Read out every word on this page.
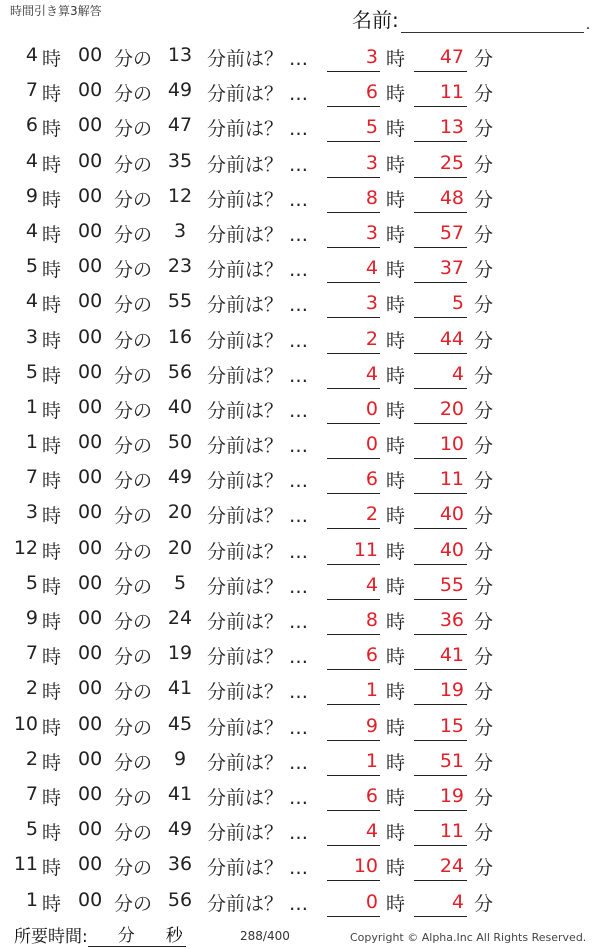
時間引き算3解答	名前:	.
4 時 00 分の 13 分前は？ …	3 時	47 分
7 時 00 分の 49 分前は？ …	6 時	11 分
6 時 00 分の 47 分前は？ …	5 時	13 分
4 時 00 分の 35 分前は？ …	3 時	25 分
9 時 00 分の 12 分前は？ …	8 時	48 分
4 時 00 分の	3	分前は？ …	3 時	57 分
5 時 00 分の 23 分前は？ …	4 時	37 分
4 時 00 分の 55 分前は？ …	3 時	5 分
3 時 00 分の 16 分前は？ …	2 時	44 分
5 時 00 分の 56 分前は？ …	4 時	4 分
1 時 00 分の 40 分前は？ …	0 時	20 分
1 時 00 分の 50 分前は？ …	0 時	10 分
7 時 00 分の 49 分前は？ …	6 時	11 分
3 時 00 分の 20 分前は？ …	2 時	40 分
12 時 00 分の 20 分前は？ …	11 時	40 分
5 時 00 分の	5	分前は？ …	4 時	55 分
9 時 00 分の 24 分前は？ …	8 時	36 分
7 時 00 分の 19 分前は？ …	6 時	41 分
2 時 00 分の 41 分前は？ …	1 時	19 分
10 時 00 分の 45 分前は？ …	9 時	15 分
2 時 00 分の	9	分前は？ …	1 時	51 分
7 時 00 分の 41 分前は？ …	6 時	19 分
5 時 00 分の 49 分前は？ …	4 時	11 分
11 時 00 分の 36 分前は？ …	10 時	24 分
1 時 00 分の 56 分前は？ …	0 時	4 分
所要時間: 分 秒	288/400	Copyright © Alpha.Inc All Rights Reserved.
